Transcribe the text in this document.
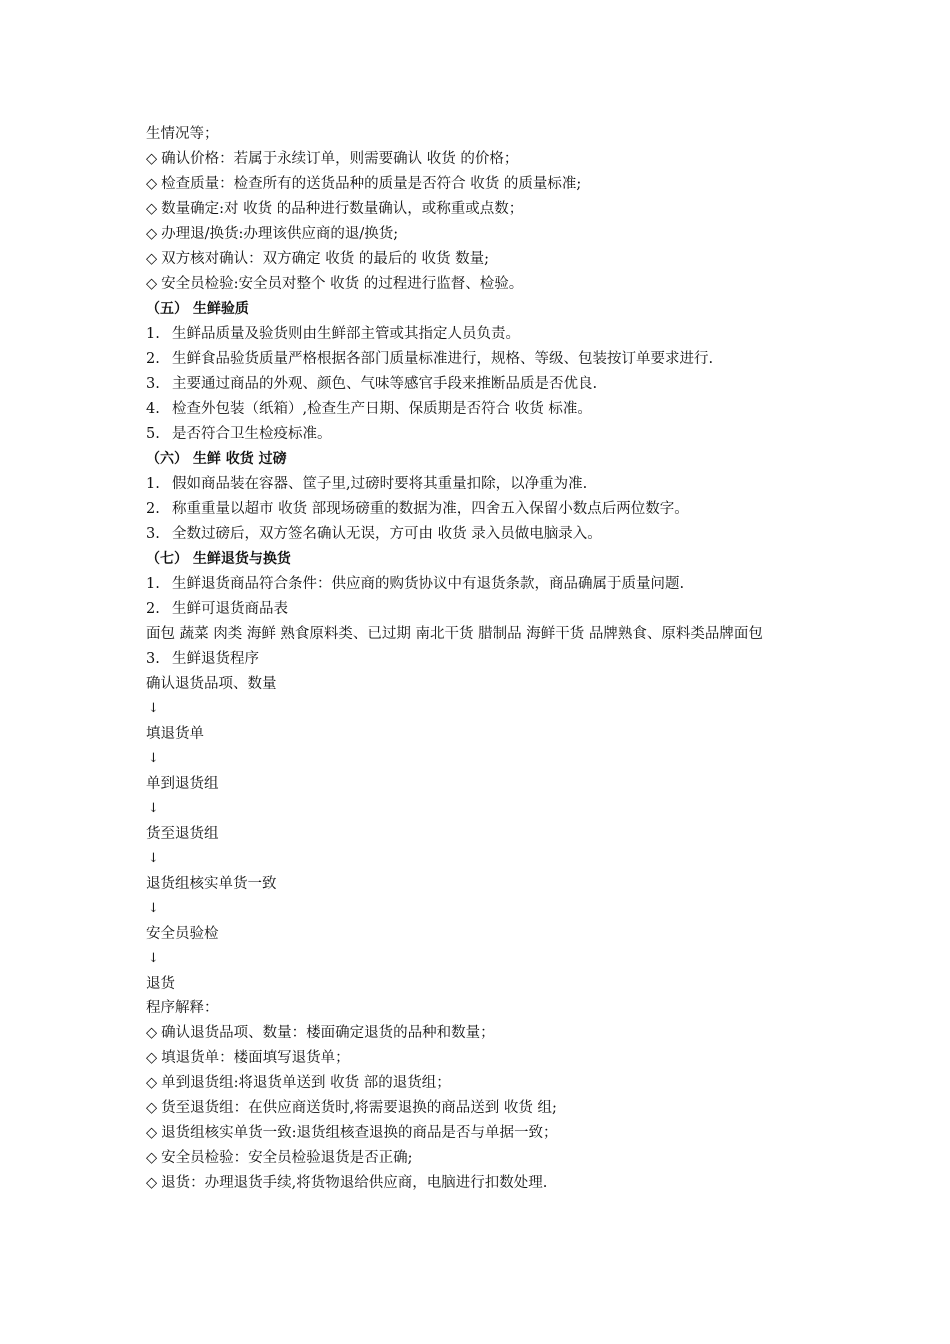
生情况等；
◇ 确认价格：若属于永续订单，则需要确认 收货 的价格；
◇ 检查质量：检查所有的送货品种的质量是否符合 收货 的质量标准;
◇ 数量确定:对 收货 的品种进行数量确认，或称重或点数；
◇ 办理退/换货:办理该供应商的退/换货;
◇ 双方核对确认：双方确定 收货 的最后的 收货 数量;
◇ 安全员检验:安全员对整个 收货 的过程进行监督、检验。
（五） 生鲜验质
1. 生鲜品质量及验货则由生鲜部主管或其指定人员负责。
2. 生鲜食品验货质量严格根据各部门质量标准进行，规格、等级、包装按订单要求进行.
3. 主要通过商品的外观、颜色、气味等感官手段来推断品质是否优良.
4. 检查外包装（纸箱）,检查生产日期、保质期是否符合 收货 标准。
5. 是否符合卫生检疫标准。
（六） 生鲜 收货 过磅
1. 假如商品装在容器、筐子里,过磅时要将其重量扣除，以净重为准.
2. 称重重量以超市 收货 部现场磅重的数据为准，四舍五入保留小数点后两位数字。
3. 全数过磅后，双方签名确认无误，方可由 收货 录入员做电脑录入。
（七） 生鲜退货与换货
1. 生鲜退货商品符合条件：供应商的购货协议中有退货条款，商品确属于质量问题.
2. 生鲜可退货商品表
面包 蔬菜 肉类 海鲜 熟食原料类、已过期 南北干货 腊制品 海鲜干货 品牌熟食、原料类品牌面包
3. 生鲜退货程序
确认退货品项、数量
↓
填退货单
↓
单到退货组
↓
货至退货组
↓
退货组核实单货一致
↓
安全员验检
↓
退货
程序解释：
◇ 确认退货品项、数量：楼面确定退货的品种和数量；
◇ 填退货单：楼面填写退货单；
◇ 单到退货组:将退货单送到 收货 部的退货组；
◇ 货至退货组：在供应商送货时,将需要退换的商品送到 收货 组;
◇ 退货组核实单货一致:退货组核查退换的商品是否与单据一致；
◇ 安全员检验：安全员检验退货是否正确;
◇ 退货：办理退货手续,将货物退给供应商，电脑进行扣数处理.
